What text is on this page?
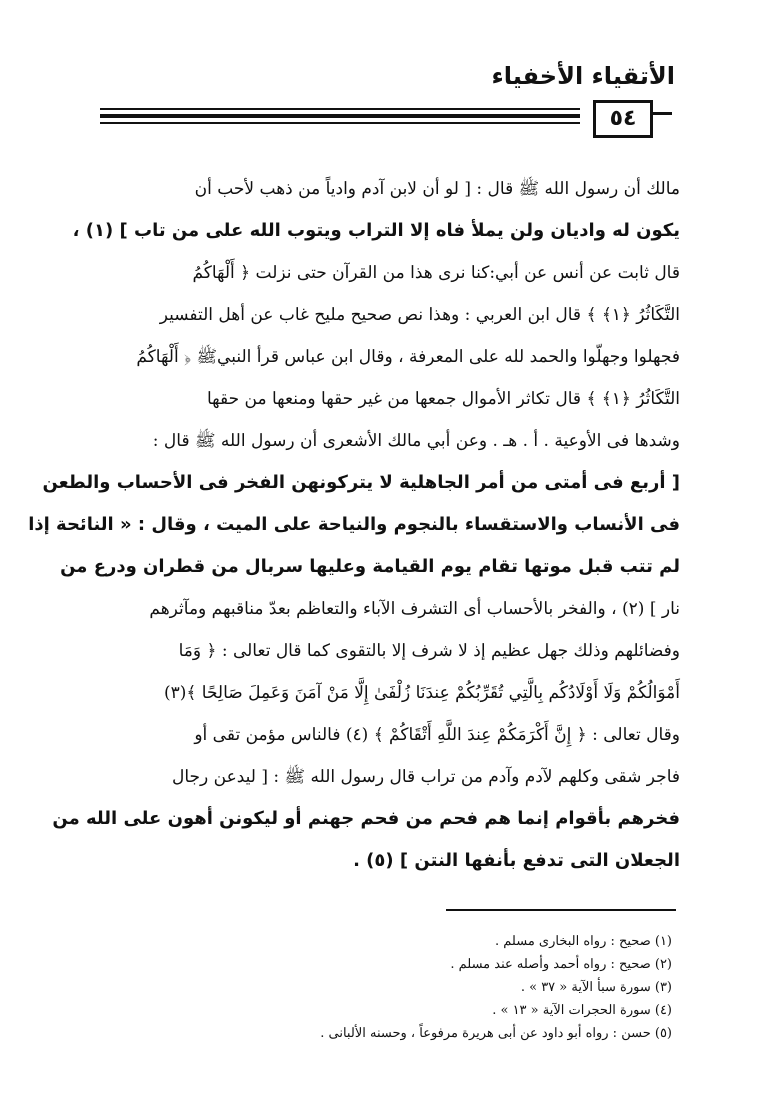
الأتقياء الأخفياء
٥٤
مالك أن رسول الله ﷺ قال : [ لو أن لابن آدم وادياً من ذهب لأحب أن
يكون له واديان ولن يملأ فاه إلا التراب ويتوب الله على من تاب ] (١) ،
قال ثابت عن أنس عن أبي:كنا نرى هذا من القرآن حتى نزلت ﴿ أَلْهَاكُمُ
التَّكَاثُرُ ﴿١﴾ ﴾ قال ابن العربي : وهذا نص صحيح مليح غاب عن أهل التفسير
فجهلوا وجهلّوا والحمد لله على المعرفة ، وقال ابن عباس قرأ النبيﷺ ﴿ أَلْهَاكُمُ
التَّكَاثُرُ ﴿١﴾ ﴾ قال تكاثر الأموال جمعها من غير حقها ومنعها من حقها
وشدها فى الأوعية . أ . هـ . وعن أبي مالك الأشعرى أن رسول الله ﷺ قال :
[ أربع فى أمتى من أمر الجاهلية لا يتركونهن الفخر فى الأحساب والطعن
فى الأنساب والاستقساء بالنجوم والنياحة على الميت ، وقال : « النائحة إذا
لم تتب قبل موتها تقام يوم القيامة وعليها سربال من قطران ودرع من
نار ] (٢) ، والفخر بالأحساب أى التشرف الآباء والتعاظم بعدّ مناقبهم ومآثرهم
وفضائلهم وذلك جهل عظيم إذ لا شرف إلا بالتقوى كما قال تعالى : ﴿ وَمَا
أَمْوَالُكُمْ وَلَا أَوْلَادُكُم بِالَّتِي تُقَرِّبُكُمْ عِندَنَا زُلْفَىٰ إِلَّا مَنْ آمَنَ وَعَمِلَ صَالِحًا ﴾(٣)
وقال تعالى : ﴿ إِنَّ أَكْرَمَكُمْ عِندَ اللَّهِ أَتْقَاكُمْ ﴾ (٤) فالناس مؤمن تقى أو
فاجر شقى وكلهم لآدم وآدم من تراب قال رسول الله ﷺ : [ ليدعن رجال
فخرهم بأقوام إنما هم فحم من فحم جهنم أو ليكونن أهون على الله من
الجعلان التى تدفع بأنفها النتن ] (٥) .
(١) صحيح : رواه البخارى مسلم .
(٢) صحيح : رواه أحمد وأصله عند مسلم .
(٣) سورة سبأ الآية « ٣٧ » .
(٤) سورة الحجرات الآية « ١٣ » .
(٥) حسن : رواه أبو داود عن أبى هريرة مرفوعاً ، وحسنه الألبانى .
